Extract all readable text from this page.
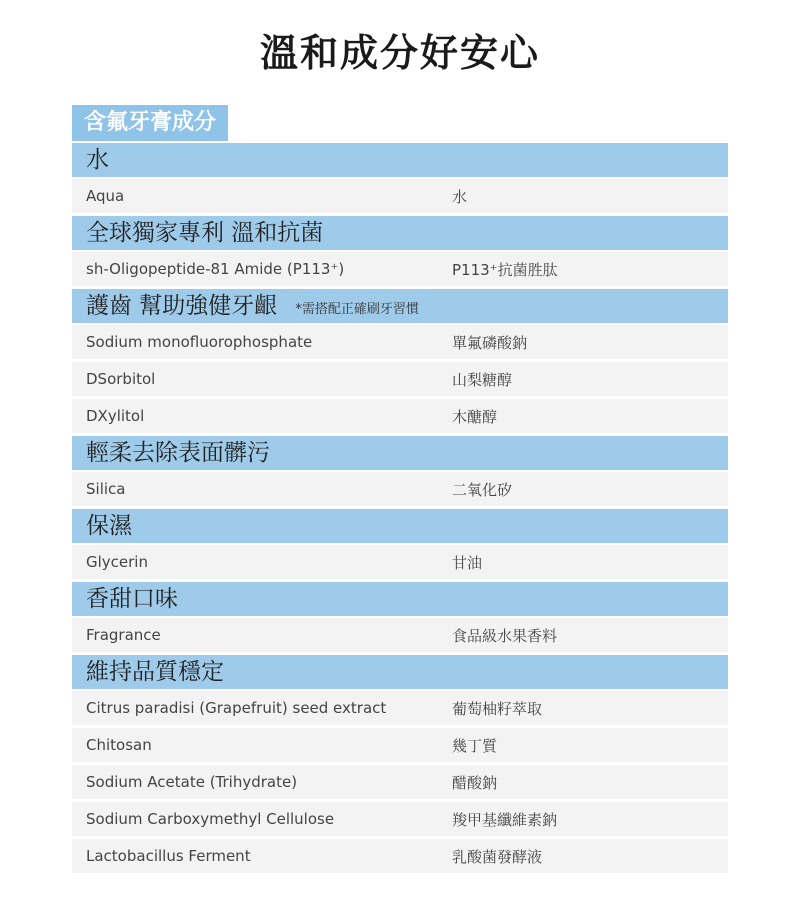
溫和成分好安心
含氟牙膏成分
水
Aqua	水
全球獨家專利 溫和抗菌
sh-Oligopeptide-81 Amide (P113⁺)	P113⁺抗菌胜肽
護齒 幫助強健牙齦 *需搭配正確刷牙習慣
Sodium monofluorophosphate	單氟磷酸鈉
DSorbitol	山梨糖醇
DXylitol	木醣醇
輕柔去除表面髒污
Silica	二氧化矽
保濕
Glycerin	甘油
香甜口味
Fragrance	食品級水果香料
維持品質穩定
Citrus paradisi (Grapefruit) seed extract	葡萄柚籽萃取
Chitosan	幾丁質
Sodium Acetate (Trihydrate)	醋酸鈉
Sodium Carboxymethyl Cellulose	羧甲基纖維素鈉
Lactobacillus Ferment	乳酸菌發酵液
